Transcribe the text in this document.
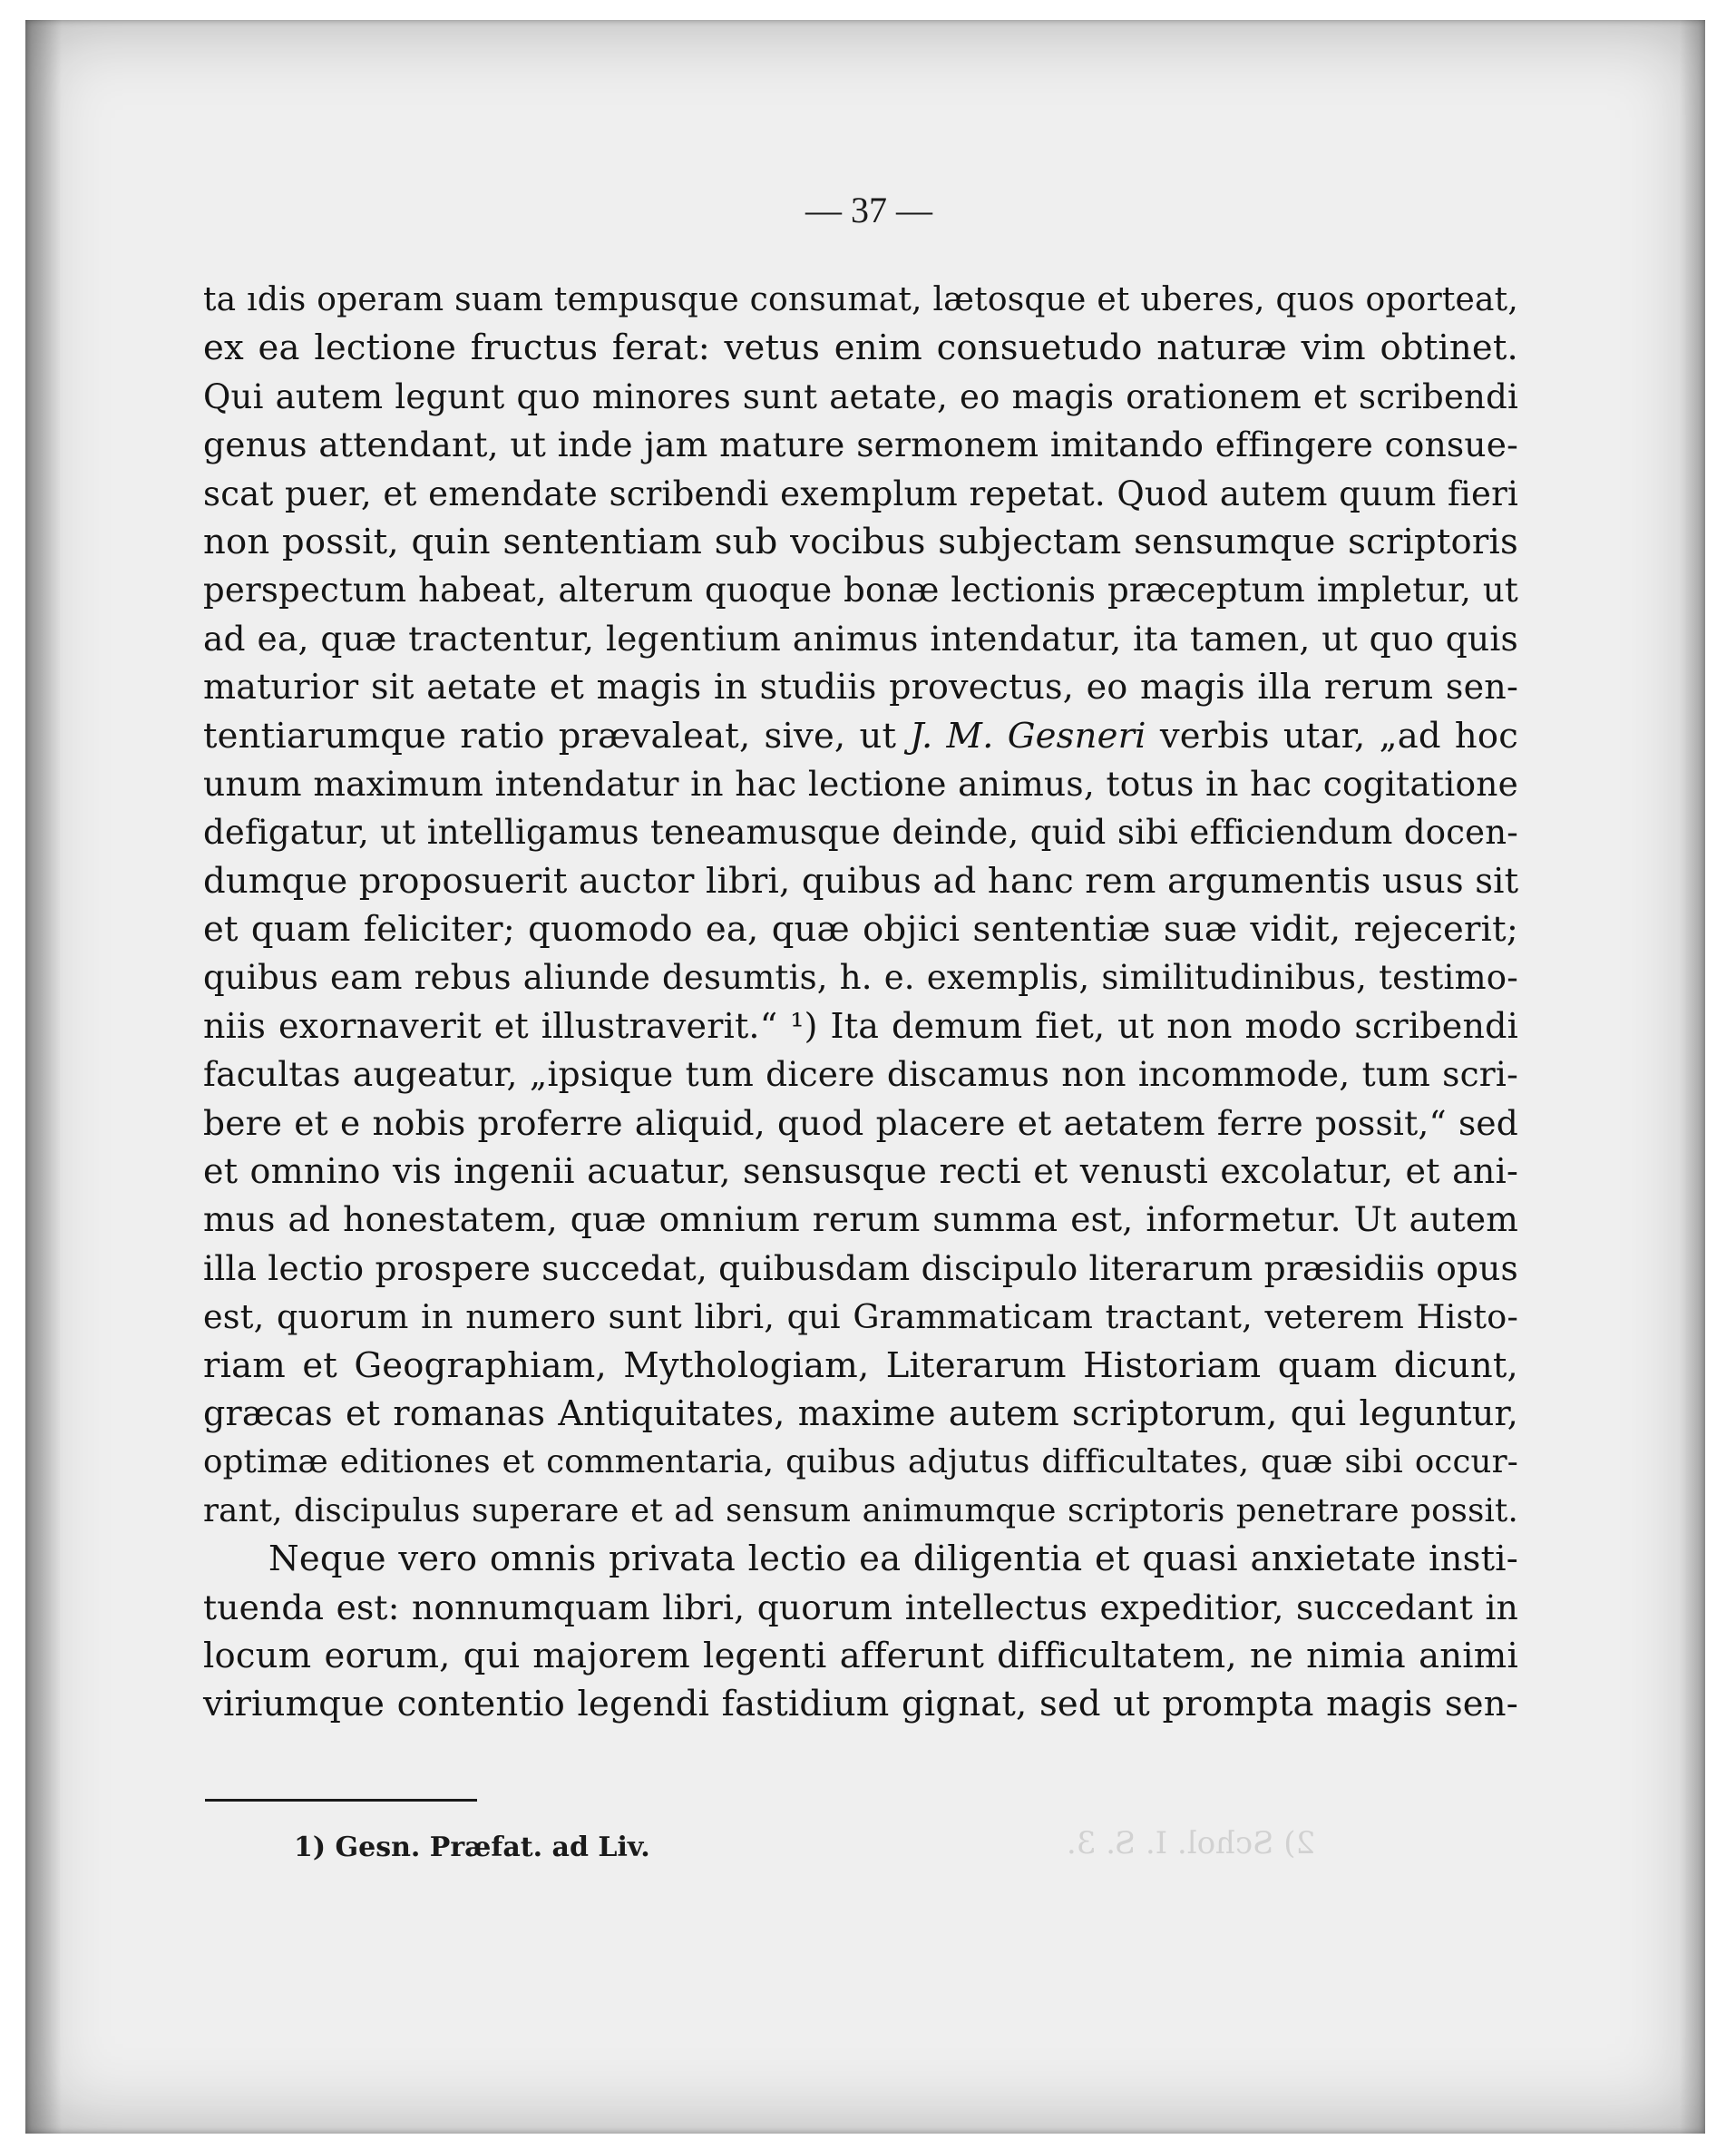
— 37 —
ta ıdis operam suam tempusque consumat, lætosque et uberes, quos oporteat,
ex ea lectione fructus ferat: vetus enim consuetudo naturæ vim obtinet.
Qui autem legunt quo minores sunt aetate, eo magis orationem et scribendi
genus attendant, ut inde jam mature sermonem imitando effingere consue-
scat puer, et emendate scribendi exemplum repetat. Quod autem quum fieri
non possit, quin sententiam sub vocibus subjectam sensumque scriptoris
perspectum habeat, alterum quoque bonæ lectionis præceptum impletur, ut
ad ea, quæ tractentur, legentium animus intendatur, ita tamen, ut quo quis
maturior sit aetate et magis in studiis provectus, eo magis illa rerum sen-
tentiarumque ratio prævaleat, sive, ut J. M. Gesneri verbis utar, „ad hoc
unum maximum intendatur in hac lectione animus, totus in hac cogitatione
defigatur, ut intelligamus teneamusque deinde, quid sibi efficiendum docen-
dumque proposuerit auctor libri, quibus ad hanc rem argumentis usus sit
et quam feliciter; quomodo ea, quæ objici sententiæ suæ vidit, rejecerit;
quibus eam rebus aliunde desumtis, h. e. exemplis, similitudinibus, testimo-
niis exornaverit et illustraverit.“ ¹) Ita demum fiet, ut non modo scribendi
facultas augeatur, „ipsique tum dicere discamus non incommode, tum scri-
bere et e nobis proferre aliquid, quod placere et aetatem ferre possit,“ sed
et omnino vis ingenii acuatur, sensusque recti et venusti excolatur, et ani-
mus ad honestatem, quæ omnium rerum summa est, informetur. Ut autem
illa lectio prospere succedat, quibusdam discipulo literarum præsidiis opus
est, quorum in numero sunt libri, qui Grammaticam tractant, veterem Histo-
riam et Geographiam, Mythologiam, Literarum Historiam quam dicunt,
græcas et romanas Antiquitates, maxime autem scriptorum, qui leguntur,
optimæ editiones et commentaria, quibus adjutus difficultates, quæ sibi occur-
rant, discipulus superare et ad sensum animumque scriptoris penetrare possit.
Neque vero omnis privata lectio ea diligentia et quasi anxietate insti-
tuenda est: nonnumquam libri, quorum intellectus expeditior, succedant in
locum eorum, qui majorem legenti afferunt difficultatem, ne nimia animi
viriumque contentio legendi fastidium gignat, sed ut prompta magis sen-
1) Gesn. Præfat. ad Liv.	2) Schol. I. S. 3.
